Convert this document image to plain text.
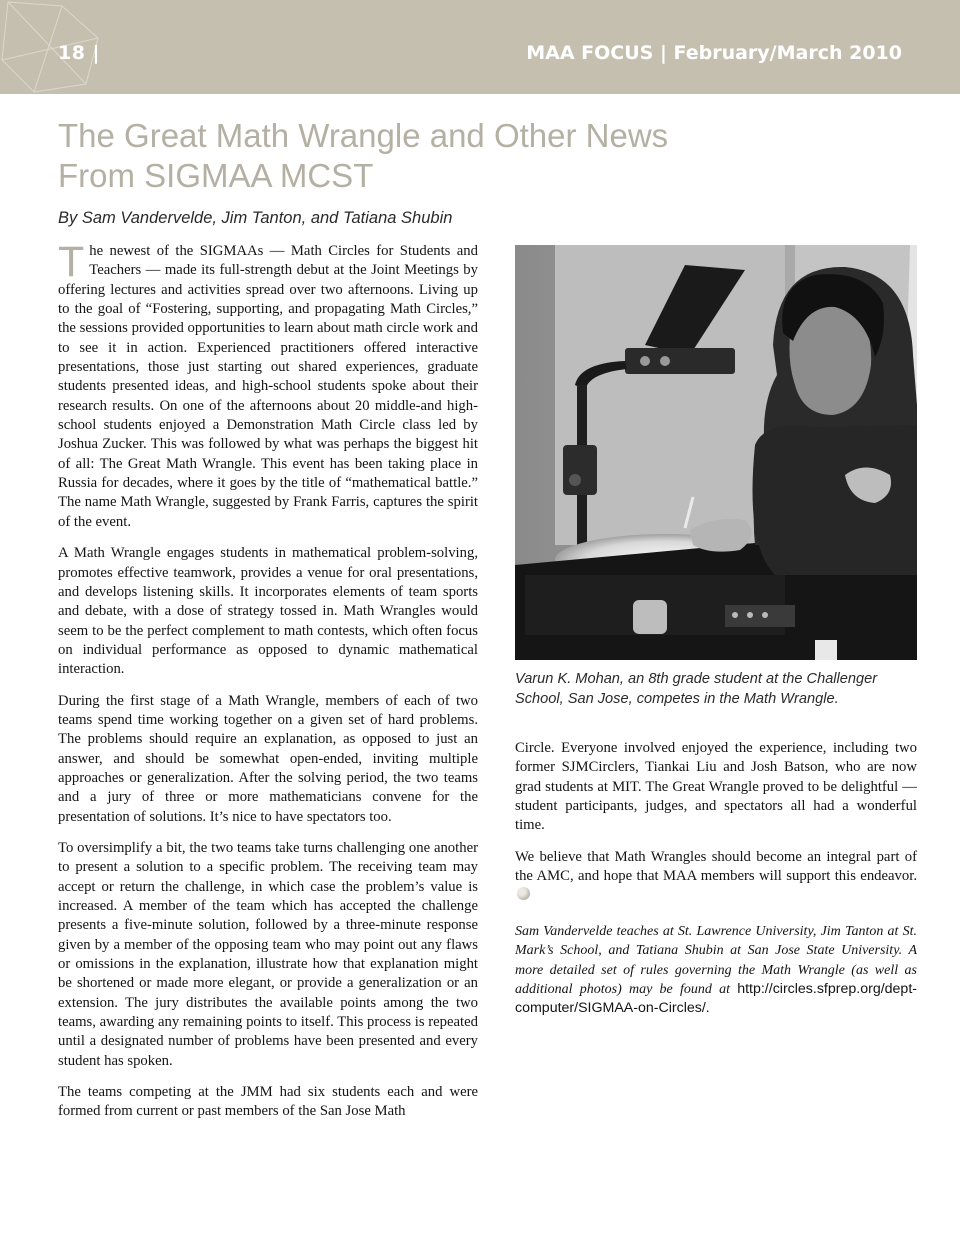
18 |	MAA FOCUS | February/March 2010
The Great Math Wrangle and Other News
From SIGMAA MCST
By Sam Vandervelde, Jim Tanton, and Tatiana Shubin

The newest of the SIGMAAs — Math Circles for Students and Teachers — made its full-strength debut at the Joint Meetings by offering lectures and activities spread over two afternoons. Living up to the goal of “Fostering, supporting, and propagating Math Circles,” the sessions provided opportunities to learn about math circle work and to see it in action. Experienced practitioners offered interactive presentations, those just starting out shared experiences, graduate students presented ideas, and high-school students spoke about their research results. On one of the afternoons about 20 middle-and high-school students enjoyed a Demonstration Math Circle class led by Joshua Zucker. This was followed by what was perhaps the biggest hit of all: The Great Math Wrangle. This event has been taking place in Russia for decades, where it goes by the title of “mathematical battle.” The name Math Wrangle, suggested by Frank Farris, captures the spirit of the event.

A Math Wrangle engages students in mathematical problem-solving, promotes effective teamwork, provides a venue for oral presentations, and develops listening skills. It incorporates elements of team sports and debate, with a dose of strategy tossed in. Math Wrangles would seem to be the perfect complement to math contests, which often focus on individual performance as opposed to dynamic mathematical interaction.

During the first stage of a Math Wrangle, members of each of two teams spend time working together on a given set of hard problems. The problems should require an explanation, as opposed to just an answer, and should be somewhat open-ended, inviting multiple approaches or generalization. After the solving period, the two teams and a jury of three or more mathematicians convene for the presentation of solutions. It’s nice to have spectators too.

To oversimplify a bit, the two teams take turns challenging one another to present a solution to a specific problem. The receiving team may accept or return the challenge, in which case the problem’s value is increased. A member of the team which has accepted the challenge presents a five-minute solution, followed by a three-minute response given by a member of the opposing team who may point out any flaws or omissions in the explanation, illustrate how that explanation might be shortened or made more elegant, or provide a generalization or an extension. The jury distributes the available points among the two teams, awarding any remaining points to itself. This process is repeated until a designated number of problems have been presented and every student has spoken.

The teams competing at the JMM had six students each and were formed from current or past members of the San Jose Math

Varun K. Mohan, an 8th grade student at the Challenger School, San Jose, competes in the Math Wrangle.

Circle. Everyone involved enjoyed the experience, including two former SJMCirclers, Tiankai Liu and Josh Batson, who are now grad students at MIT. The Great Wrangle proved to be delightful — student participants, judges, and spectators all had a wonderful time.

We believe that Math Wrangles should become an integral part of the AMC, and hope that MAA members will support this endeavor.

Sam Vandervelde teaches at St. Lawrence University, Jim Tanton at St. Mark’s School, and Tatiana Shubin at San Jose State University. A more detailed set of rules governing the Math Wrangle (as well as additional photos) may be found at http://circles.sfprep.org/dept-computer/SIGMAA-on-Circles/.
